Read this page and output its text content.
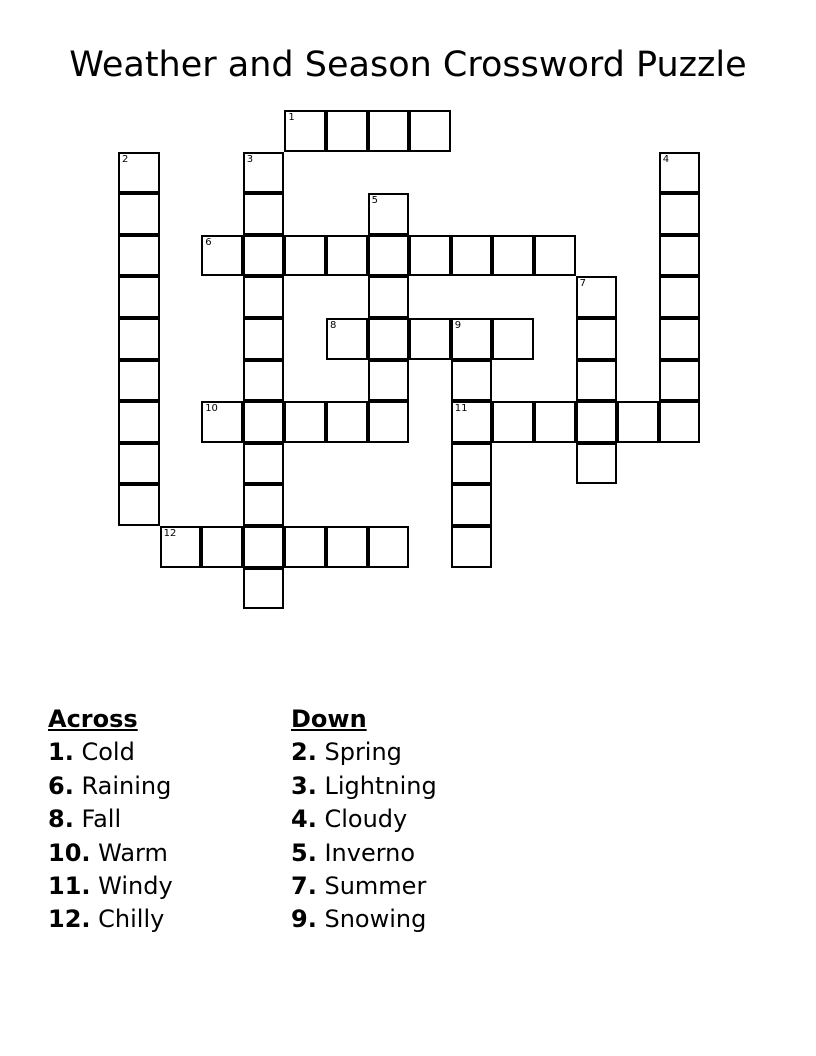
Weather and Season Crossword Puzzle
1
2	3	4
5
6
7
8	9
11
10
12
Across
1. Cold
6. Raining
8. Fall
10. Warm
11. Windy
12. Chilly
Down
2. Spring
3. Lightning
4. Cloudy
5. Inverno
7. Summer
9. Snowing
